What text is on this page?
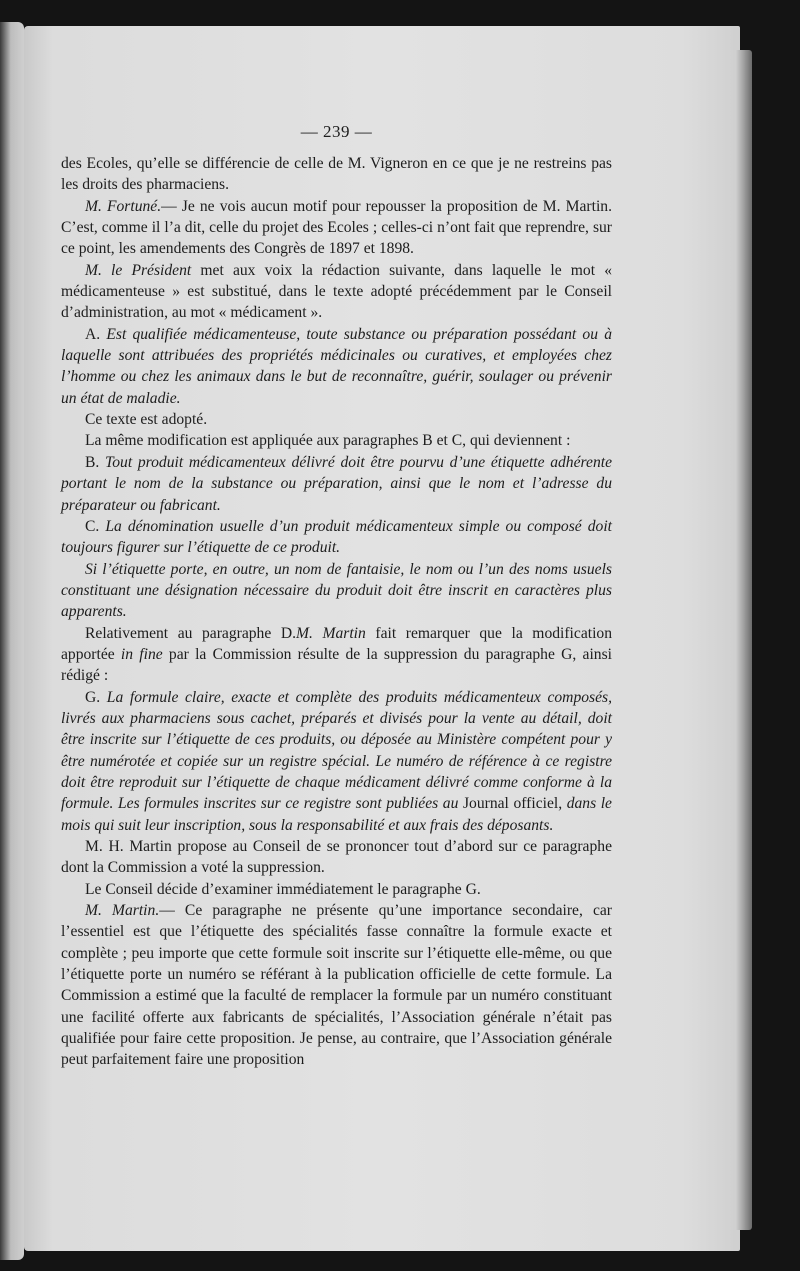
— 239 —

des Ecoles, qu’elle se différencie de celle de M. Vigneron en ce que je ne restreins pas les droits des pharmaciens.

M. Fortuné.— Je ne vois aucun motif pour repousser la proposition de M. Martin. C’est, comme il l’a dit, celle du projet des Ecoles ; celles-ci n’ont fait que reprendre, sur ce point, les amendements des Congrès de 1897 et 1898.

M. le Président met aux voix la rédaction suivante, dans laquelle le mot « médicamenteuse » est substitué, dans le texte adopté précédemment par le Conseil d’administration, au mot « médicament ».

A. Est qualifiée médicamenteuse, toute substance ou préparation possédant ou à laquelle sont attribuées des propriétés médicinales ou curatives, et employées chez l’homme ou chez les animaux dans le but de reconnaître, guérir, soulager ou prévenir un état de maladie.

Ce texte est adopté.

La même modification est appliquée aux paragraphes B et C, qui deviennent :

B. Tout produit médicamenteux délivré doit être pourvu d’une étiquette adhérente portant le nom de la substance ou préparation, ainsi que le nom et l’adresse du préparateur ou fabricant.

C. La dénomination usuelle d’un produit médicamenteux simple ou composé doit toujours figurer sur l’étiquette de ce produit.

Si l’étiquette porte, en outre, un nom de fantaisie, le nom ou l’un des noms usuels constituant une désignation nécessaire du produit doit être inscrit en caractères plus apparents.

Relativement au paragraphe D.M. Martin fait remarquer que la modification apportée in fine par la Commission résulte de la suppression du paragraphe G, ainsi rédigé :

G. La formule claire, exacte et complète des produits médicamenteux composés, livrés aux pharmaciens sous cachet, préparés et divisés pour la vente au détail, doit être inscrite sur l’étiquette de ces produits, ou déposée au Ministère compétent pour y être numérotée et copiée sur un registre spécial. Le numéro de référence à ce registre doit être reproduit sur l’étiquette de chaque médicament délivré comme conforme à la formule. Les formules inscrites sur ce registre sont publiées au Journal officiel, dans le mois qui suit leur inscription, sous la responsabilité et aux frais des déposants.

M. H. Martin propose au Conseil de se prononcer tout d’abord sur ce paragraphe dont la Commission a voté la suppression.

Le Conseil décide d’examiner immédiatement le paragraphe G.

M. Martin.— Ce paragraphe ne présente qu’une importance secondaire, car l’essentiel est que l’étiquette des spécialités fasse connaître la formule exacte et complète ; peu importe que cette formule soit inscrite sur l’étiquette elle-même, ou que l’étiquette porte un numéro se référant à la publication officielle de cette formule. La Commission a estimé que la faculté de remplacer la formule par un numéro constituant une facilité offerte aux fabricants de spécialités, l’Association générale n’était pas qualifiée pour faire cette proposition. Je pense, au contraire, que l’Association générale peut parfaitement faire une proposition
